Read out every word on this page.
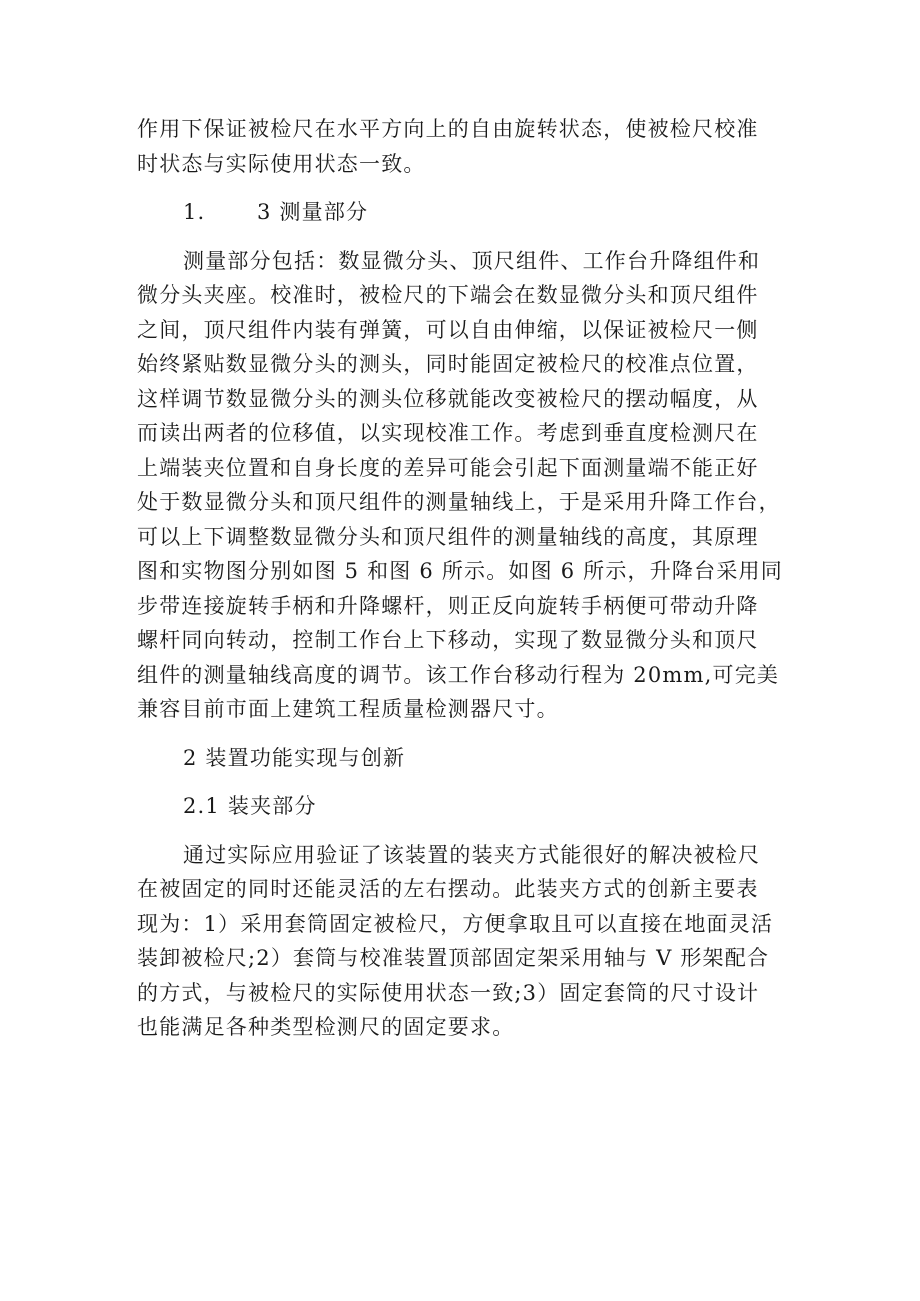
作用下保证被检尺在水平方向上的自由旋转状态，使被检尺校准
时状态与实际使用状态一致。
1. 3 测量部分
测量部分包括：数显微分头、顶尺组件、工作台升降组件和
微分头夹座。校准时，被检尺的下端会在数显微分头和顶尺组件
之间，顶尺组件内装有弹簧，可以自由伸缩，以保证被检尺一侧
始终紧贴数显微分头的测头，同时能固定被检尺的校准点位置，
这样调节数显微分头的测头位移就能改变被检尺的摆动幅度，从
而读出两者的位移值，以实现校准工作。考虑到垂直度检测尺在
上端装夹位置和自身长度的差异可能会引起下面测量端不能正好
处于数显微分头和顶尺组件的测量轴线上，于是采用升降工作台，
可以上下调整数显微分头和顶尺组件的测量轴线的高度，其原理
图和实物图分别如图 5 和图 6 所示。如图 6 所示，升降台采用同
步带连接旋转手柄和升降螺杆，则正反向旋转手柄便可带动升降
螺杆同向转动，控制工作台上下移动，实现了数显微分头和顶尺
组件的测量轴线高度的调节。该工作台移动行程为 20mm,可完美
兼容目前市面上建筑工程质量检测器尺寸。
2 装置功能实现与创新
2.1 装夹部分
通过实际应用验证了该装置的装夹方式能很好的解决被检尺
在被固定的同时还能灵活的左右摆动。此装夹方式的创新主要表
现为：1）采用套筒固定被检尺，方便拿取且可以直接在地面灵活
装卸被检尺;2）套筒与校准装置顶部固定架采用轴与 V 形架配合
的方式，与被检尺的实际使用状态一致;3）固定套筒的尺寸设计
也能满足各种类型检测尺的固定要求。
